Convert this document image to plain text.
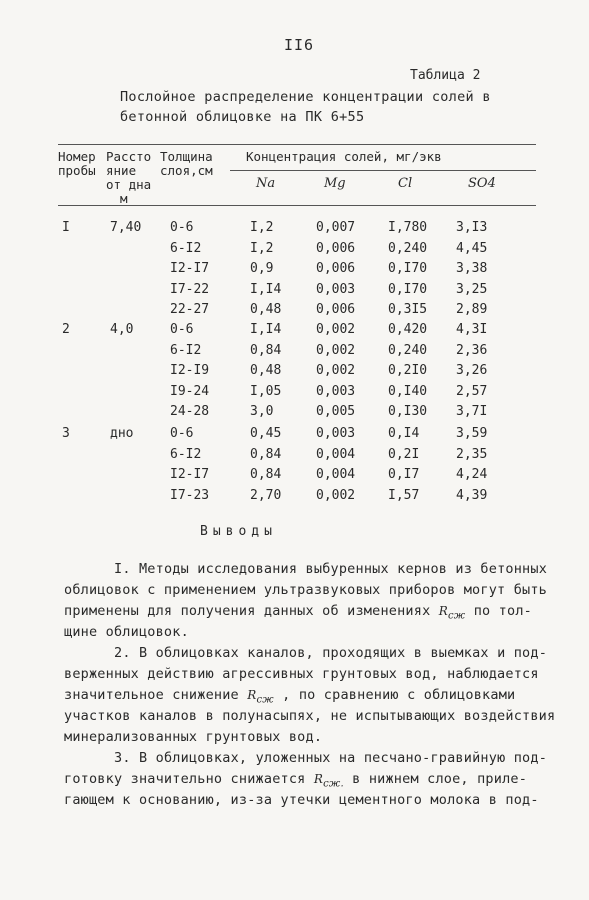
II6
Таблица 2
Послойное распределение концентрации солей в
бетонной облицовке на ПК 6+55
Номер
пробы
Рассто
яние
от дна
м
Толщина
слоя,см
Концентрация солей, мг/экв
Na	Mg	Cl	SO4
I	7,40 0-6	I,2	0,007	I,780 3,I3
6-I2	I,2	0,006	0,240 4,45
I2-I7	0,9	0,006	0,I70 3,38
I7-22	I,I4	0,003	0,I70 3,25
22-27	0,48	0,006	0,3I5 2,89
2	4,0	0-6	I,I4	0,002	0,420 4,3I
6-I2	0,84	0,002	0,240 2,36
I2-I9	0,48	0,002	0,2I0 3,26
I9-24	I,05	0,003	0,I40 2,57
24-28	3,0	0,005	0,I30 3,7I
3	дно	0-6	0,45	0,003	0,I4	3,59
6-I2	0,84	0,004	0,2I	2,35
I2-I7	0,84	0,004	0,I7	4,24
I7-23	2,70	0,002	I,57	4,39
Выводы
I. Методы исследования выбуренных кернов из бетонных
облицовок с применением ультразвуковых приборов могут быть
применены для получения данных об изменениях $R_{сж}$ по тол-
щине облицовок.
2. В облицовках каналов, проходящих в выемках и под-
верженных действию агрессивных грунтовых вод, наблюдается
значительное снижение $R_{сж}$ , по сравнению с облицовками
участков каналов в полунасыпях, не испытывающих воздействия
минерализованных грунтовых вод.
3. В облицовках, уложенных на песчано-гравийную под-
готовку значительно снижается $R_{сж.}$ в нижнем слое, приле-
гающем к основанию, из-за утечки цементного молока в под-
